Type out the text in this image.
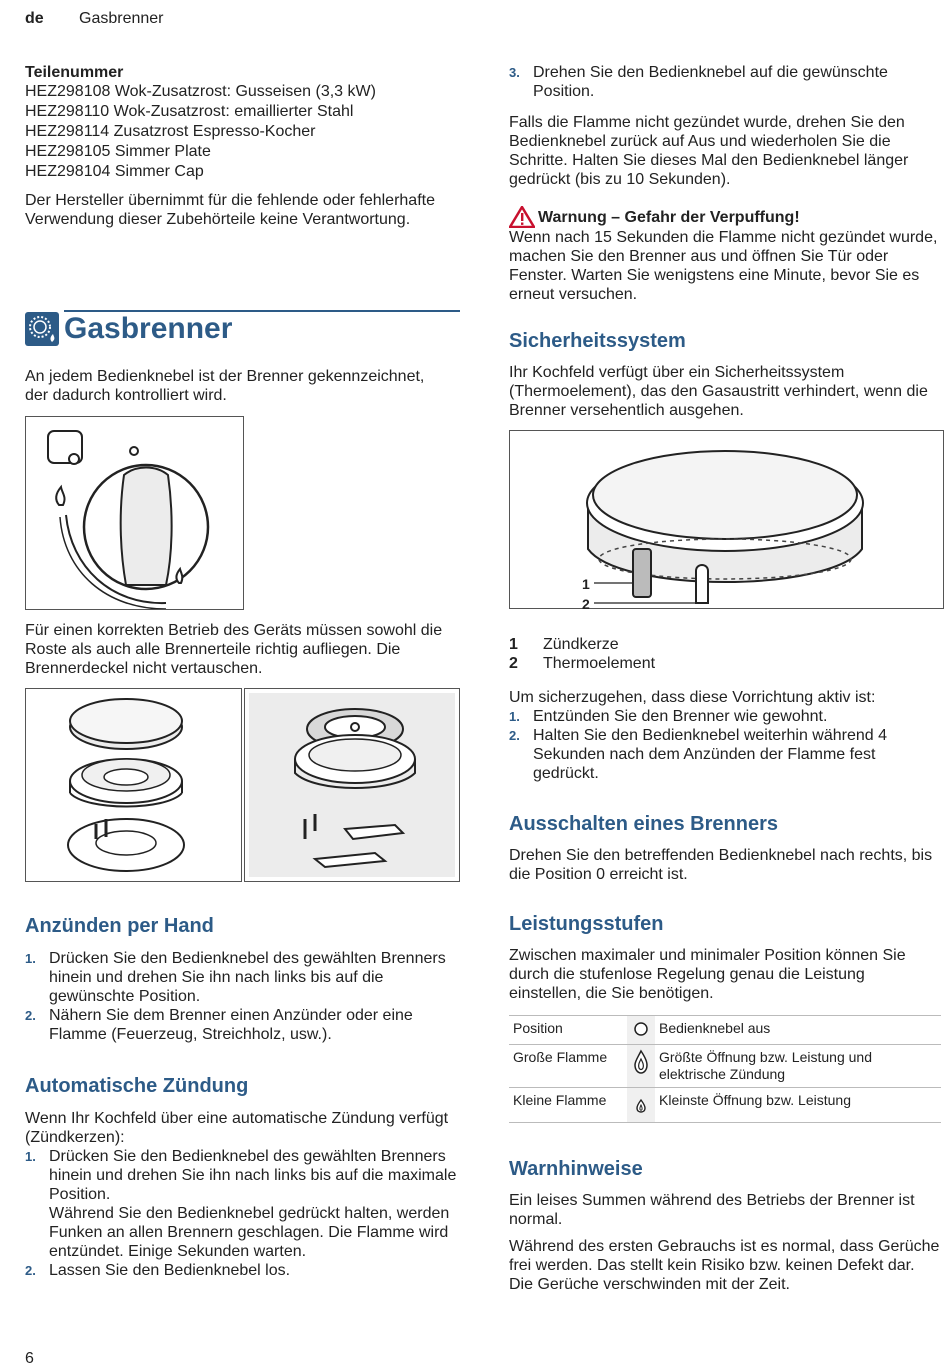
de Gasbrenner
Teilenummer
HEZ298108 Wok-Zusatzrost: Gusseisen (3,3 kW)
HEZ298110 Wok-Zusatzrost: emaillierter Stahl
HEZ298114 Zusatzrost Espresso-Kocher
HEZ298105 Simmer Plate
HEZ298104 Simmer Cap

Der Hersteller übernimmt für die fehlende oder fehlerhafte Verwendung dieser Zubehörteile keine Verantwortung.

Gasbrenner

An jedem Bedienknebel ist der Brenner gekennzeichnet, der dadurch kontrolliert wird.

Für einen korrekten Betrieb des Geräts müssen sowohl die Roste als auch alle Brennerteile richtig aufliegen. Die Brennerdeckel nicht vertauschen.

Anzünden per Hand
1. Drücken Sie den Bedienknebel des gewählten Brenners hinein und drehen Sie ihn nach links bis auf die gewünschte Position.
2. Nähern Sie dem Brenner einen Anzünder oder eine Flamme (Feuerzeug, Streichholz, usw.).
Automatische Zündung

Wenn Ihr Kochfeld über eine automatische Zündung verfügt (Zündkerzen):

1. Drücken Sie den Bedienknebel des gewählten Brenners hinein und drehen Sie ihn nach links bis auf die maximale Position.
Während Sie den Bedienknebel gedrückt halten, werden Funken an allen Brennern geschlagen. Die Flamme wird entzündet. Einige Sekunden warten.
2. Lassen Sie den Bedienknebel los.
3. Drehen Sie den Bedienknebel auf die gewünschte Position.

Falls die Flamme nicht gezündet wurde, drehen Sie den Bedienknebel zurück auf Aus und wiederholen Sie die Schritte. Halten Sie dieses Mal den Bedienknebel länger gedrückt (bis zu 10 Sekunden).

Warnung – Gefahr der Verpuffung!

Wenn nach 15 Sekunden die Flamme nicht gezündet wurde, machen Sie den Brenner aus und öffnen Sie Tür oder Fenster. Warten Sie wenigstens eine Minute, bevor Sie es erneut versuchen.

Sicherheitssystem

Ihr Kochfeld verfügt über ein Sicherheitssystem (Thermoelement), das den Gasaustritt verhindert, wenn die Brenner versehentlich ausgehen.

1
2
1	Zündkerze
2	Thermoelement

Um sicherzugehen, dass diese Vorrichtung aktiv ist:

1. Entzünden Sie den Brenner wie gewohnt.
2. Halten Sie den Bedienknebel weiterhin während 4 Sekunden nach dem Anzünden der Flamme fest gedrückt.
Ausschalten eines Brenners

Drehen Sie den betreffenden Bedienknebel nach rechts, bis die Position 0 erreicht ist.

Leistungsstufen

Zwischen maximaler und minimaler Position können Sie durch die stufenlose Regelung genau die Leistung einstellen, die Sie benötigen.

Position		Bedienknebel aus
Große Flamme		Größte Öffnung bzw. Leistung und elektrische Zündung
Kleine Flamme		Kleinste Öffnung bzw. Leistung
Warnhinweise

Ein leises Summen während des Betriebs der Brenner ist normal.

Während des ersten Gebrauchs ist es normal, dass Gerüche frei werden. Das stellt kein Risiko bzw. keinen Defekt dar. Die Gerüche verschwinden mit der Zeit.

6
